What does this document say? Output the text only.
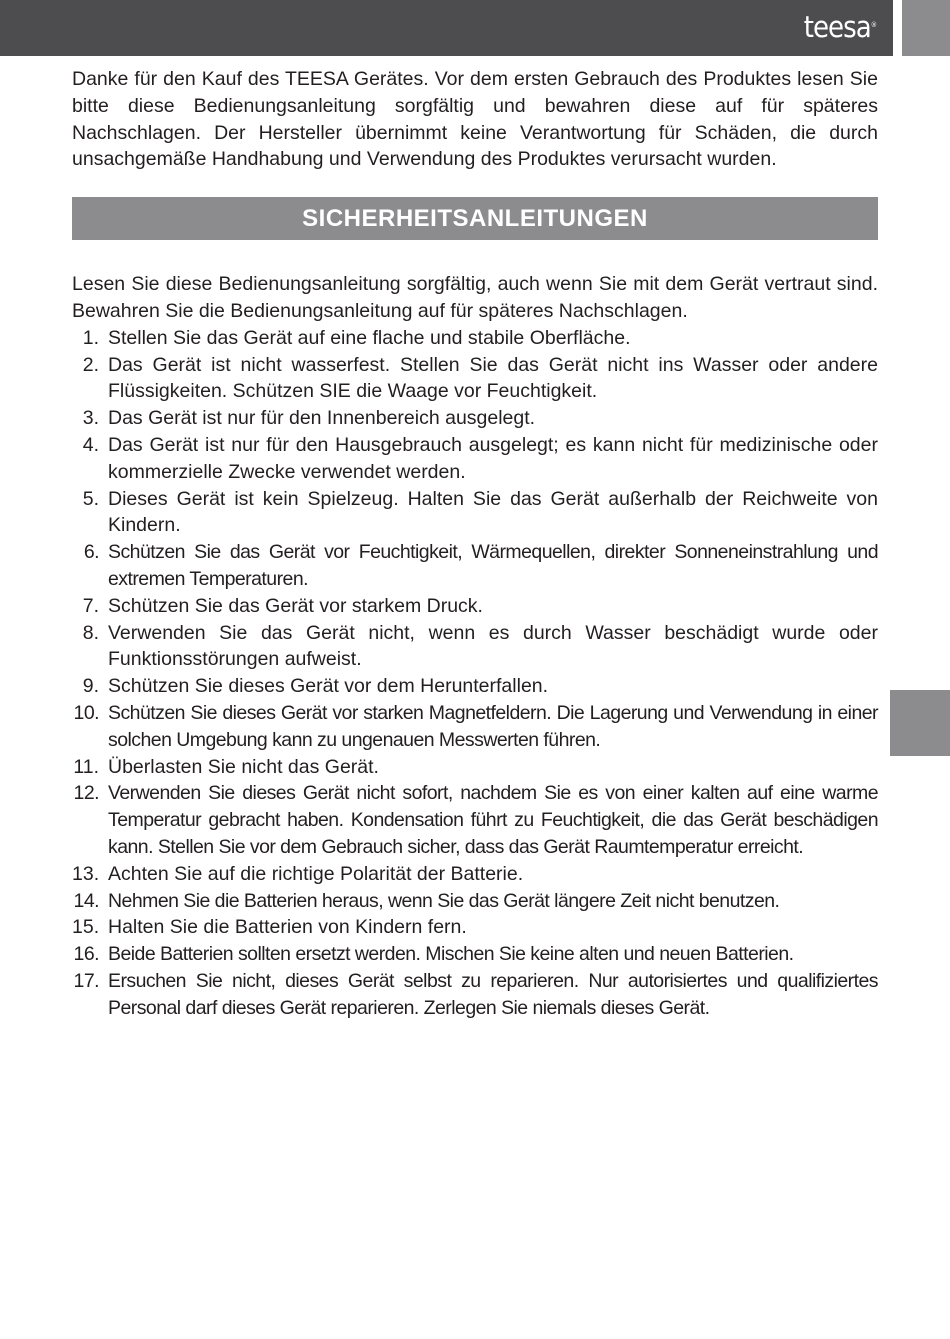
teesa®

Danke für den Kauf des TEESA Gerätes. Vor dem ersten Gebrauch des Produktes lesen Sie bitte diese Bedienungsanleitung sorgfältig und bewahren diese auf für späteres Nachschlagen. Der Hersteller übernimmt keine Verantwortung für Schäden, die durch unsachgemäße Handhabung und Verwendung des Produktes verursacht wurden.

SICHERHEITSANLEITUNGEN

Lesen Sie diese Bedienungsanleitung sorgfältig, auch wenn Sie mit dem Gerät vertraut sind. Bewahren Sie die Bedienungsanleitung auf für späteres Nachschlagen.

1. Stellen Sie das Gerät auf eine flache und stabile Oberfläche.
2. Das Gerät ist nicht wasserfest. Stellen Sie das Gerät nicht ins Wasser oder andere Flüssigkeiten. Schützen SIE die Waage vor Feuchtigkeit.
3. Das Gerät ist nur für den Innenbereich ausgelegt.
4. Das Gerät ist nur für den Hausgebrauch ausgelegt; es kann nicht für medizinische oder kommerzielle Zwecke verwendet werden.
5. Dieses Gerät ist kein Spielzeug. Halten Sie das Gerät außerhalb der Reichweite von Kindern.
6. Schützen Sie das Gerät vor Feuchtigkeit, Wärmequellen, direkter Sonneneinstrahlung und extremen Temperaturen.
7. Schützen Sie das Gerät vor starkem Druck.
8. Verwenden Sie das Gerät nicht, wenn es durch Wasser beschädigt wurde oder Funktionsstörungen aufweist.
9. Schützen Sie dieses Gerät vor dem Herunterfallen.
10. Schützen Sie dieses Gerät vor starken Magnetfeldern. Die Lagerung und Verwendung in einer solchen Umgebung kann zu ungenauen Messwerten führen.
11. Überlasten Sie nicht das Gerät.
12. Verwenden Sie dieses Gerät nicht sofort, nachdem Sie es von einer kalten auf eine warme Temperatur gebracht haben. Kondensation führt zu Feuchtigkeit, die das Gerät beschädigen kann. Stellen Sie vor dem Gebrauch sicher, dass das Gerät Raumtemperatur erreicht.
13. Achten Sie auf die richtige Polarität der Batterie.
14. Nehmen Sie die Batterien heraus, wenn Sie das Gerät längere Zeit nicht benutzen.
15. Halten Sie die Batterien von Kindern fern.
16. Beide Batterien sollten ersetzt werden. Mischen Sie keine alten und neuen Batterien.
17. Ersuchen Sie nicht, dieses Gerät selbst zu reparieren. Nur autorisiertes und qualifiziertes Personal darf dieses Gerät reparieren. Zerlegen Sie niemals dieses Gerät.
